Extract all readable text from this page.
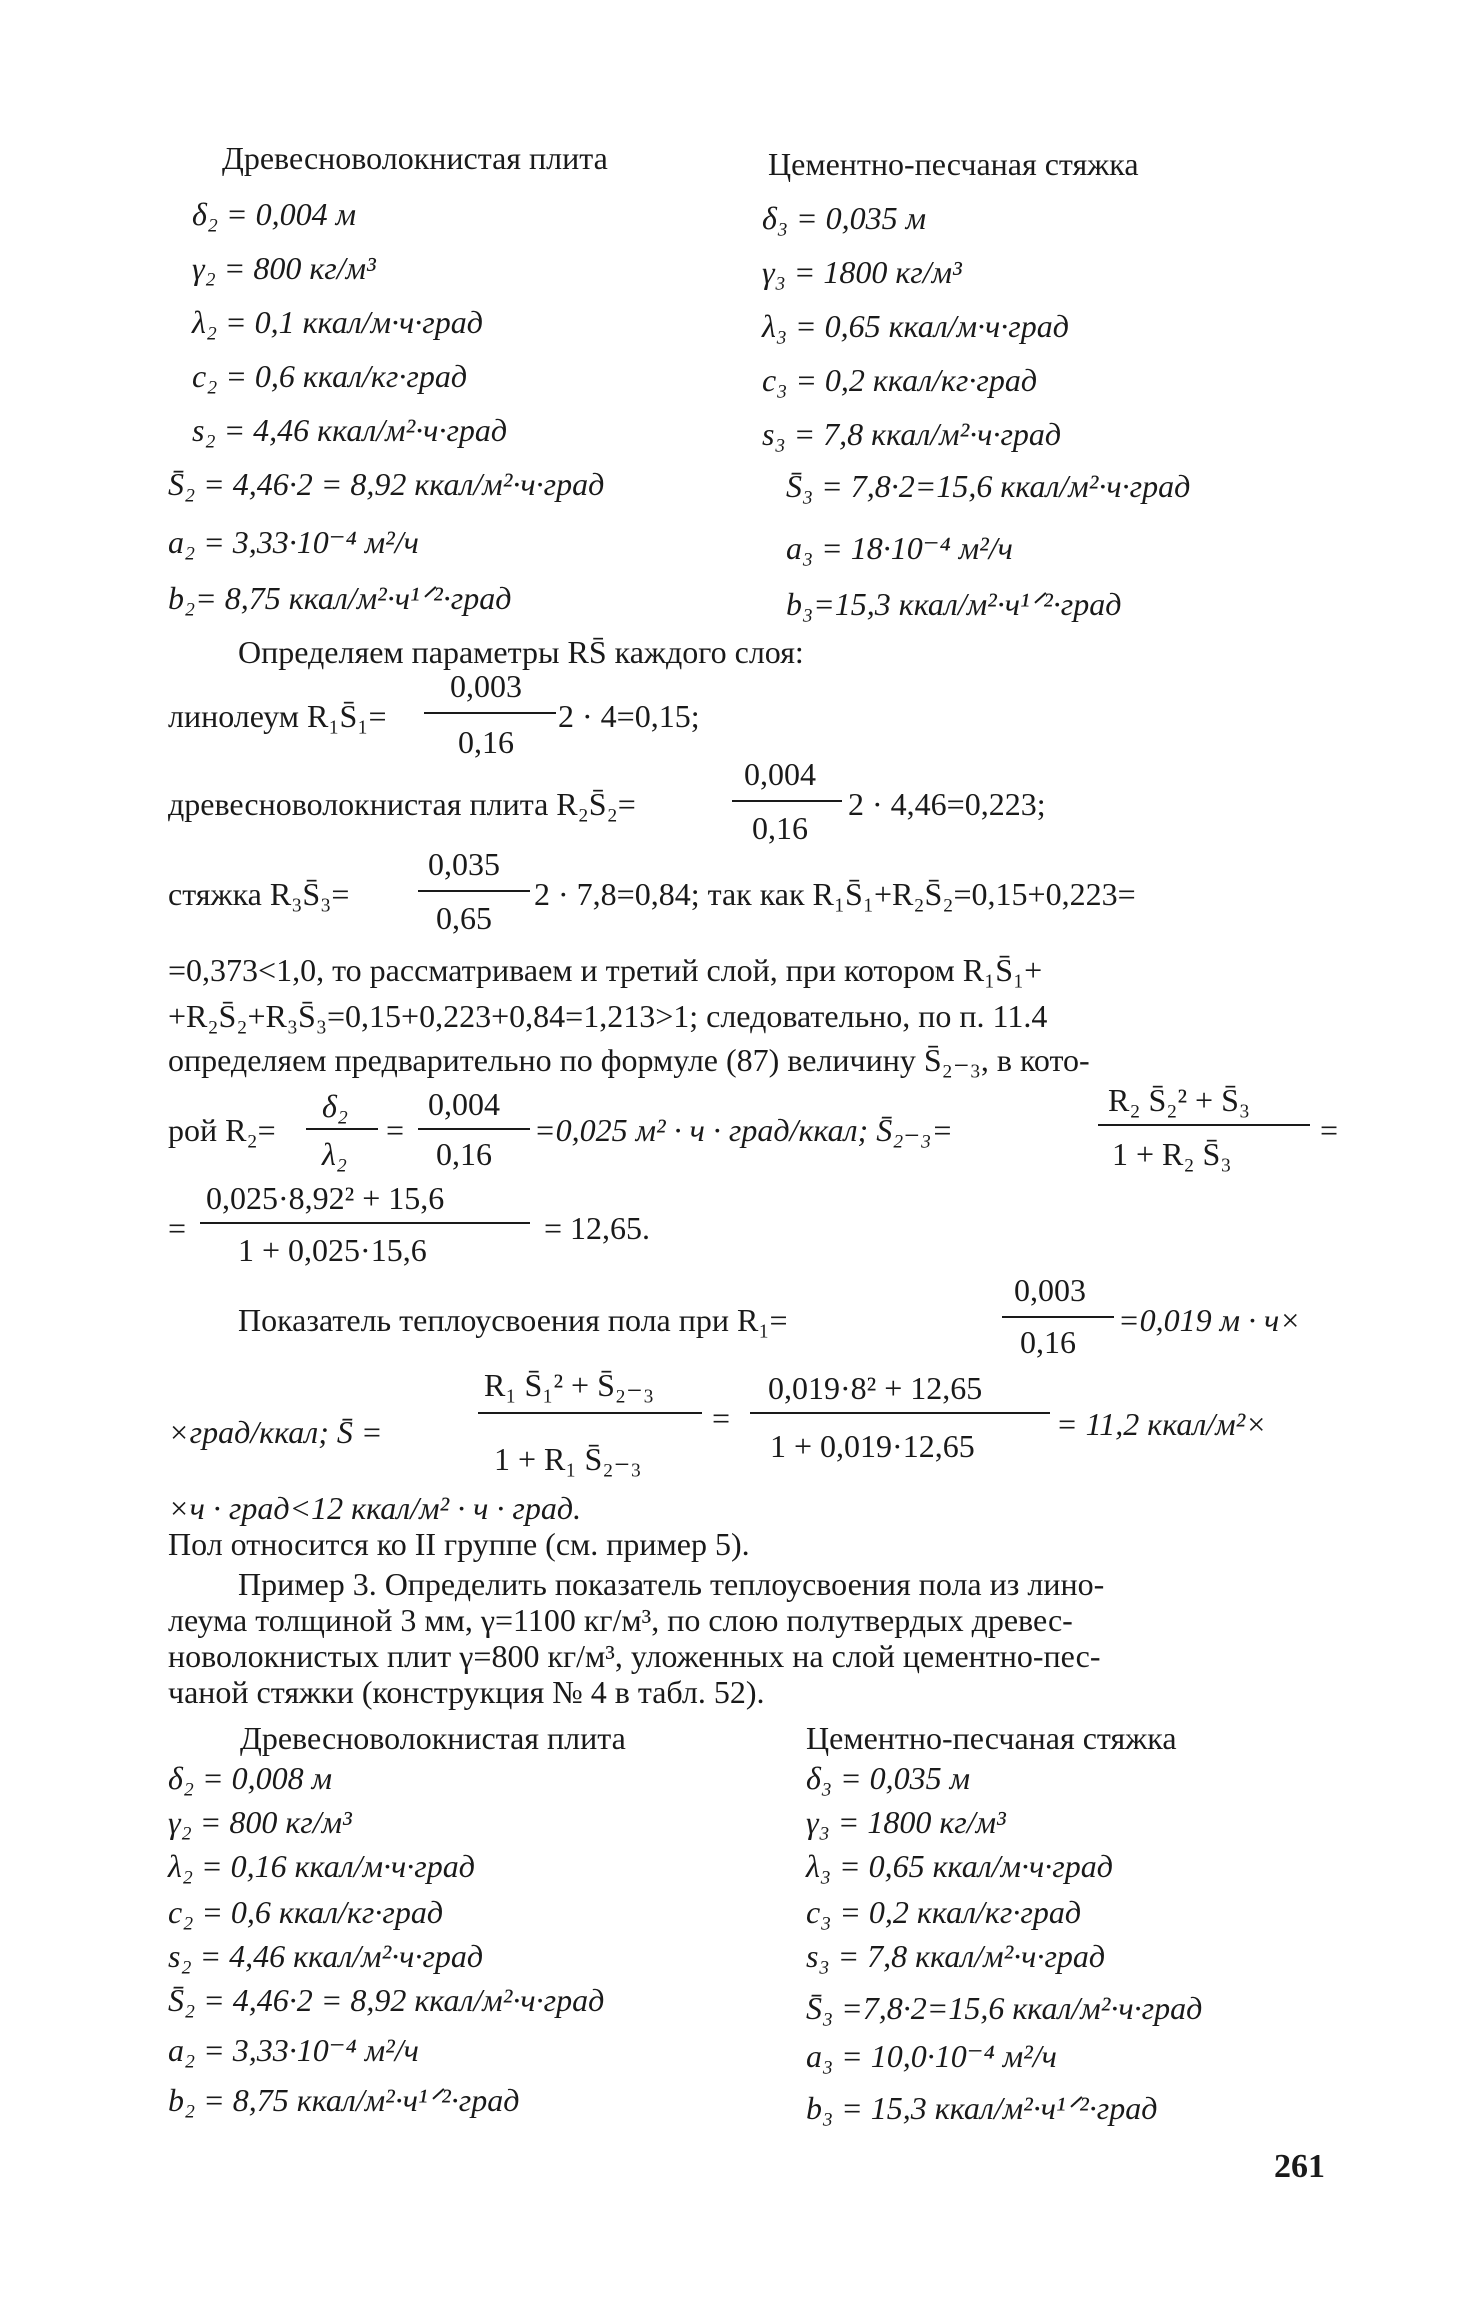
Древесноволокнистая плита	Цементно-песчаная стяжка
δ₂ = 0,004 м
γ₂ = 800 кг/м³
λ₂ = 0,1 ккал/м·ч·град
c₂ = 0,6 ккал/кг·град
s₂ = 4,46 ккал/м²·ч·град
S̄₂ = 4,46·2 = 8,92 ккал/м²·ч·град
a₂ = 3,33·10⁻⁴ м²/ч
b₂= 8,75 ккал/м²·ч¹ᐟ²·град
δ₃ = 0,035 м
γ₃ = 1800 кг/м³
λ₃ = 0,65 ккал/м·ч·град
c₃ = 0,2 ккал/кг·град
s₃ = 7,8 ккал/м²·ч·град
S̄₃ = 7,8·2=15,6 ккал/м²·ч·град
a₃ = 18·10⁻⁴ м²/ч
b₃=15,3 ккал/м²·ч¹ᐟ²·град
Определяем параметры RS̄ каждого слоя:
линолеум R₁S̄₁=
0,003
0,16
2 · 4=0,15;
древесноволокнистая плита R₂S̄₂=
0,004
0,16
2 · 4,46=0,223;
стяжка R₃S̄₃=
0,035
0,65
2 · 7,8=0,84; так как R₁S̄₁+R₂S̄₂=0,15+0,223=
=0,373<1,0, то рассматриваем и третий слой, при котором R₁S̄₁+
+R₂S̄₂+R₃S̄₃=0,15+0,223+0,84=1,213>1; следовательно, по п. 11.4
определяем предварительно по формуле (87) величину S̄₂₋₃, в кото-
рой R₂=
δ₂
λ₂
=
0,004
0,16
=0,025 м² · ч · град/ккал; S̄₂₋₃=
R₂ S̄₂² + S̄₃
1 + R₂ S̄₃
=
=
0,025·8,92² + 15,6
1 + 0,025·15,6
= 12,65.
Показатель теплоусвоения пола при R₁=
0,003
0,16
=0,019 м · ч×
×град/ккал; S̄ =
R₁ S̄₁² + S̄₂₋₃
1 + R₁ S̄₂₋₃
=
0,019·8² + 12,65
1 + 0,019·12,65
= 11,2 ккал/м²×
×ч · град<12 ккал/м² · ч · град.
Пол относится ко II группе (см. пример 5).
Пример 3. Определить показатель теплоусвоения пола из лино-
леума толщиной 3 мм, γ=1100 кг/м³, по слою полутвердых древес-
новолокнистых плит γ=800 кг/м³, уложенных на слой цементно-пес-
чаной стяжки (конструкция № 4 в табл. 52).
Древесноволокнистая плита	Цементно-песчаная стяжка
δ₂ = 0,008 м
γ₂ = 800 кг/м³
λ₂ = 0,16 ккал/м·ч·град
c₂ = 0,6 ккал/кг·град
s₂ = 4,46 ккал/м²·ч·град
S̄₂ = 4,46·2 = 8,92 ккал/м²·ч·град
a₂ = 3,33·10⁻⁴ м²/ч
b₂ = 8,75 ккал/м²·ч¹ᐟ²·град
δ₃ = 0,035 м
γ₃ = 1800 кг/м³
λ₃ = 0,65 ккал/м·ч·град
c₃ = 0,2 ккал/кг·град
s₃ = 7,8 ккал/м²·ч·град
S̄₃ =7,8·2=15,6 ккал/м²·ч·град
a₃ = 10,0·10⁻⁴ м²/ч
b₃ = 15,3 ккал/м²·ч¹ᐟ²·град
261
